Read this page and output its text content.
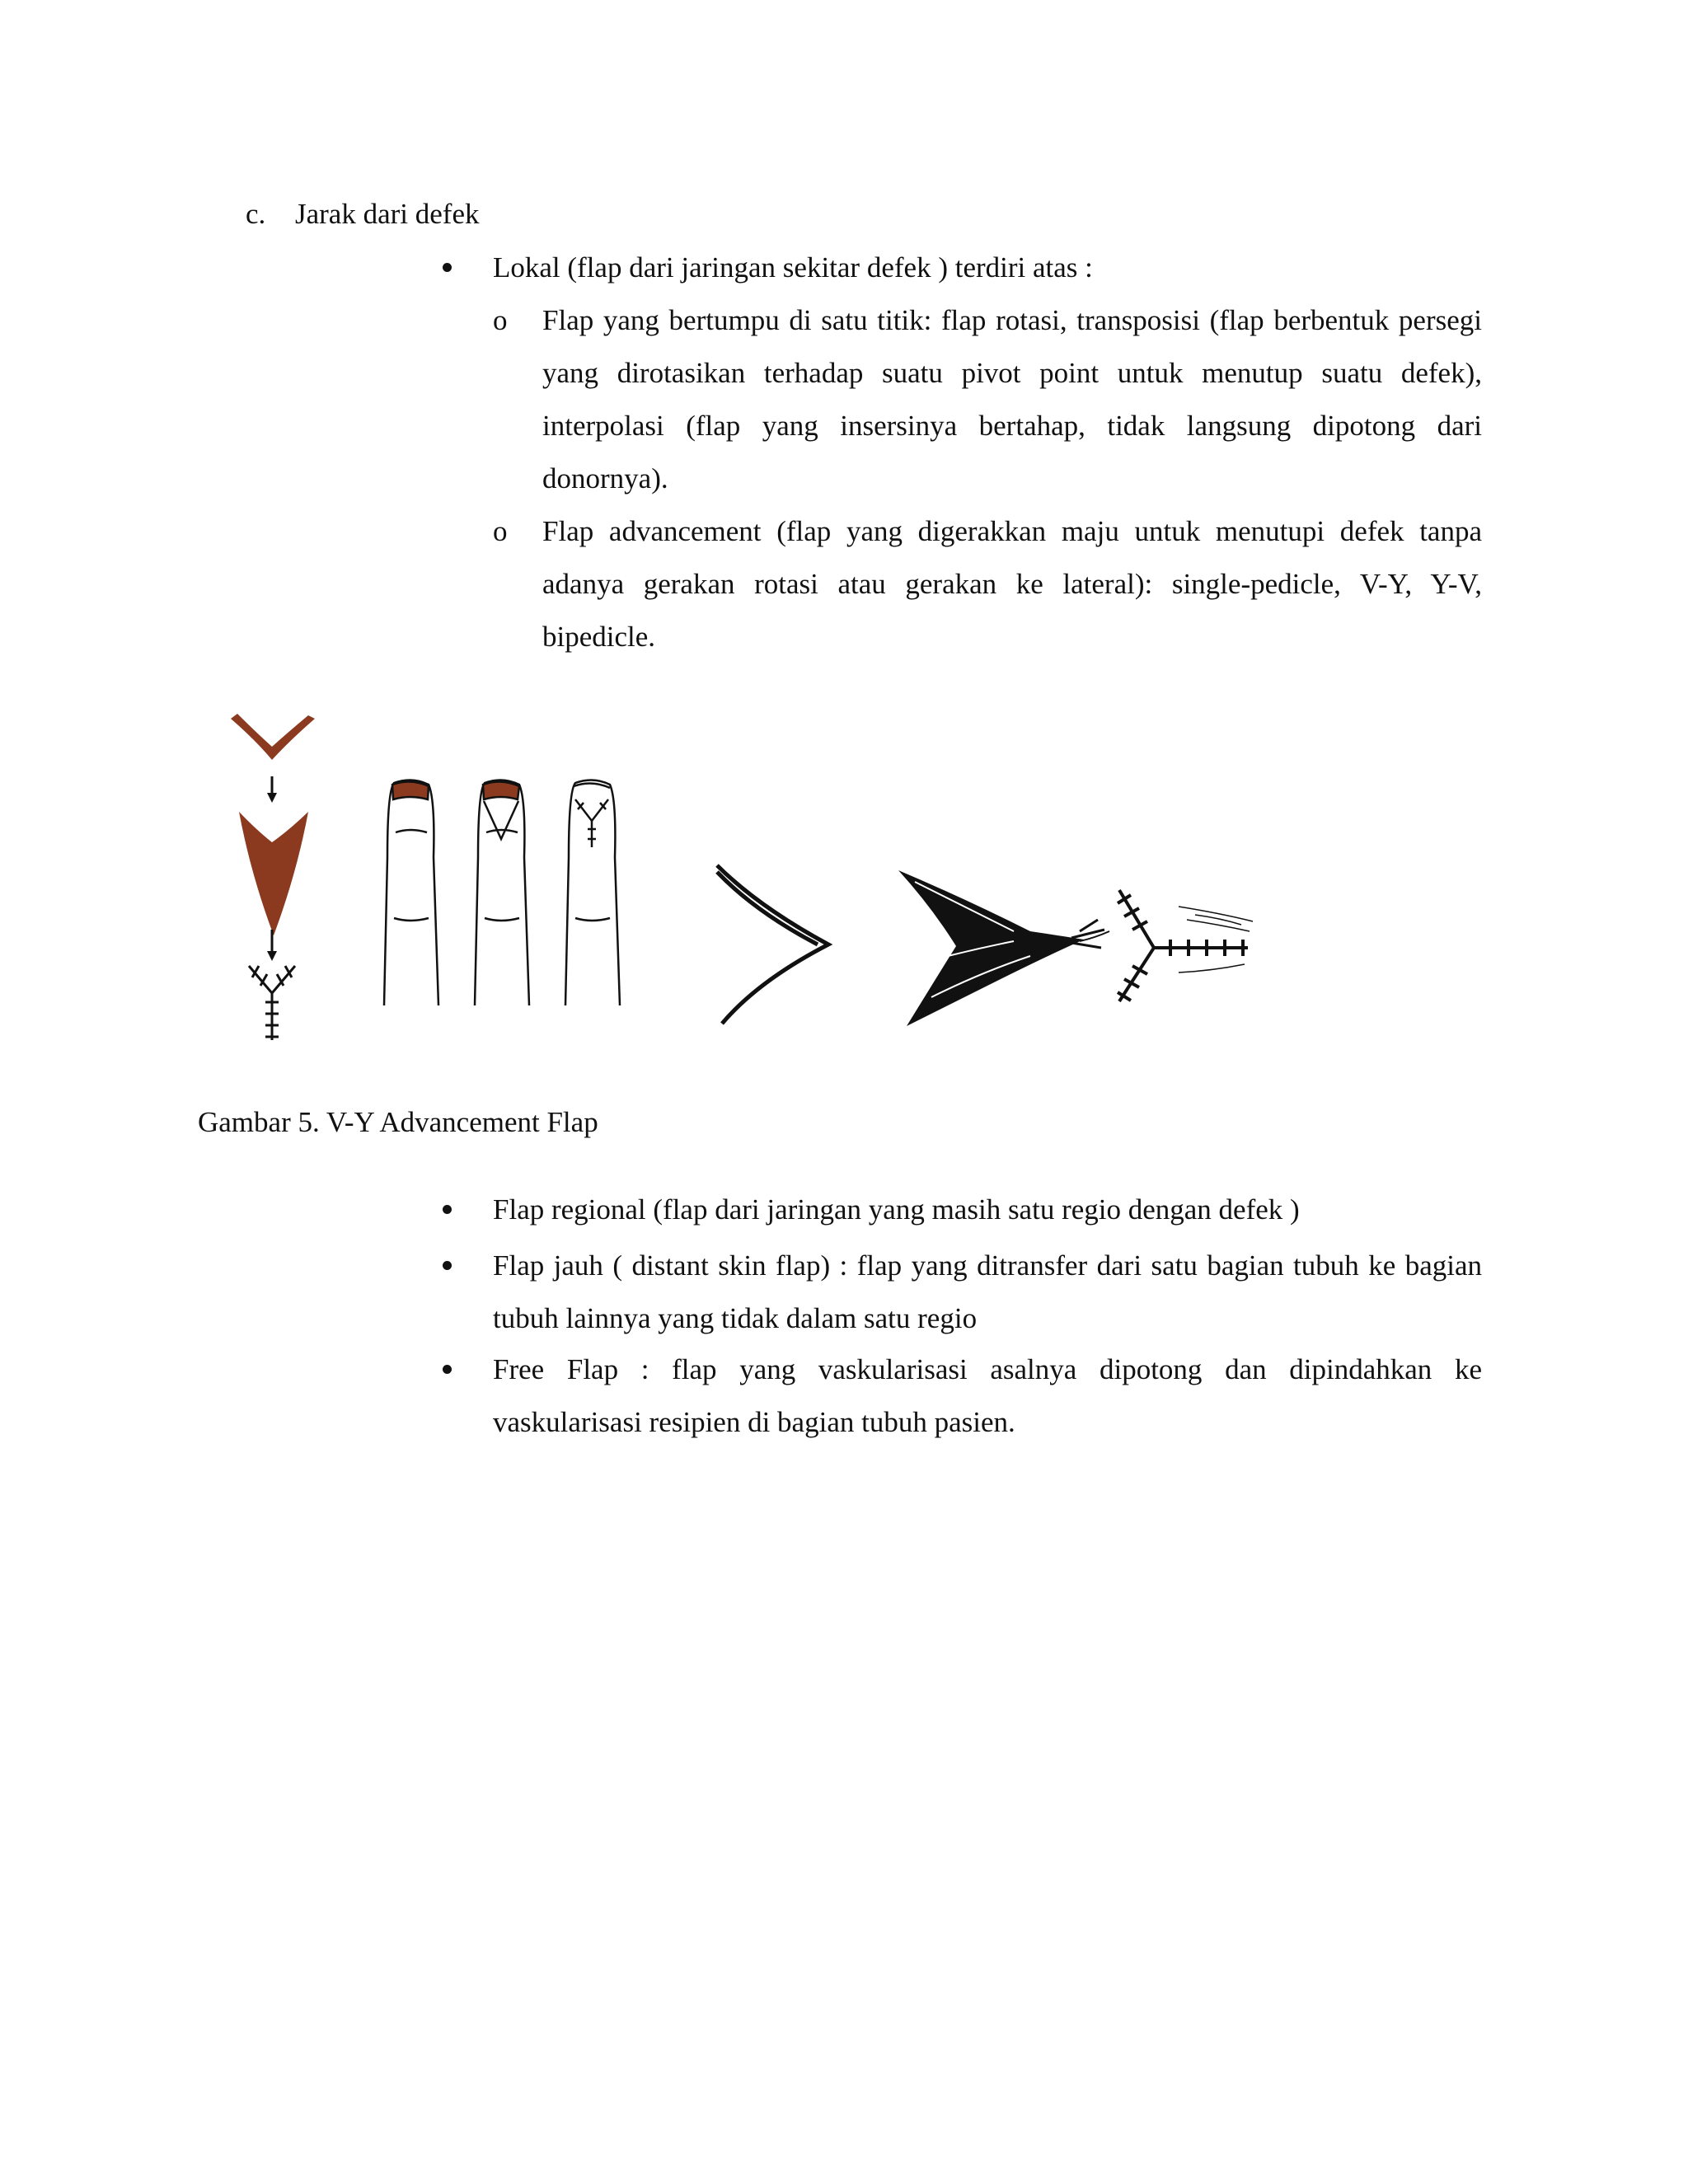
c. Jarak dari defek
Lokal (flap dari jaringan sekitar defek ) terdiri atas :
o Flap yang bertumpu di satu titik: flap rotasi, transposisi (flap berbentuk persegi yang dirotasikan terhadap suatu pivot point untuk menutup suatu defek), interpolasi (flap yang insersinya bertahap, tidak langsung dipotong dari donornya).
o Flap advancement (flap yang digerakkan maju untuk menutupi defek tanpa adanya gerakan rotasi atau gerakan ke lateral): single-pedicle, V-Y, Y-V, bipedicle.
Gambar 5. V-Y Advancement Flap
Flap regional (flap dari jaringan yang masih satu regio dengan defek )
Flap jauh ( distant skin flap) : flap yang ditransfer dari satu bagian tubuh ke bagian tubuh lainnya yang tidak dalam satu regio
Free Flap : flap yang vaskularisasi asalnya dipotong dan dipindahkan ke vaskularisasi resipien di bagian tubuh pasien.
